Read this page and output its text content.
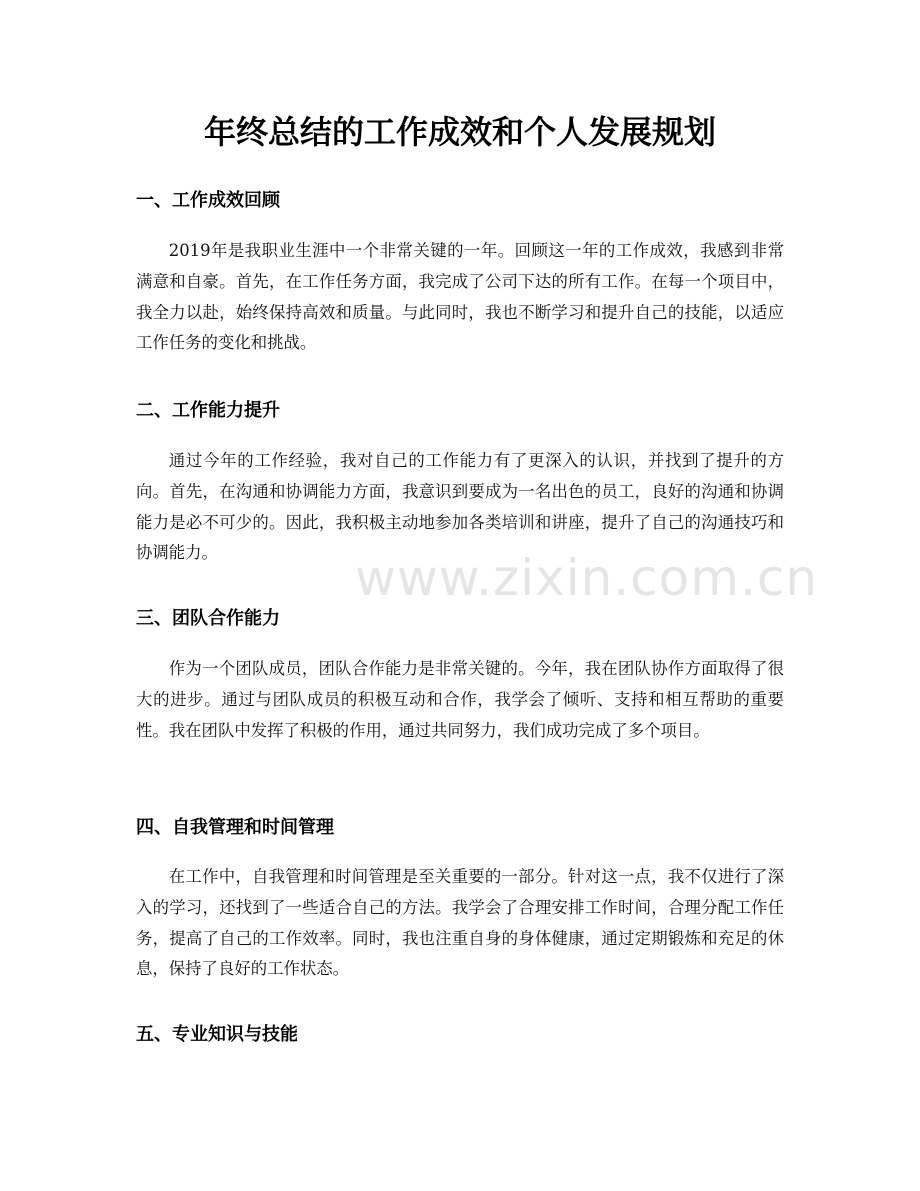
年终总结的工作成效和个人发展规划
一、工作成效回顾

2019年是我职业生涯中一个非常关键的一年。回顾这一年的工作成效，我感到非常满意和自豪。首先，在工作任务方面，我完成了公司下达的所有工作。在每一个项目中，我全力以赴，始终保持高效和质量。与此同时，我也不断学习和提升自己的技能，以适应工作任务的变化和挑战。

二、工作能力提升

通过今年的工作经验，我对自己的工作能力有了更深入的认识，并找到了提升的方向。首先，在沟通和协调能力方面，我意识到要成为一名出色的员工，良好的沟通和协调能力是必不可少的。因此，我积极主动地参加各类培训和讲座，提升了自己的沟通技巧和协调能力。

三、团队合作能力

作为一个团队成员，团队合作能力是非常关键的。今年，我在团队协作方面取得了很大的进步。通过与团队成员的积极互动和合作，我学会了倾听、支持和相互帮助的重要性。我在团队中发挥了积极的作用，通过共同努力，我们成功完成了多个项目。

四、自我管理和时间管理

在工作中，自我管理和时间管理是至关重要的一部分。针对这一点，我不仅进行了深入的学习，还找到了一些适合自己的方法。我学会了合理安排工作时间，合理分配工作任务，提高了自己的工作效率。同时，我也注重自身的身体健康，通过定期锻炼和充足的休息，保持了良好的工作状态。

五、专业知识与技能
www.zixin.com.cn
